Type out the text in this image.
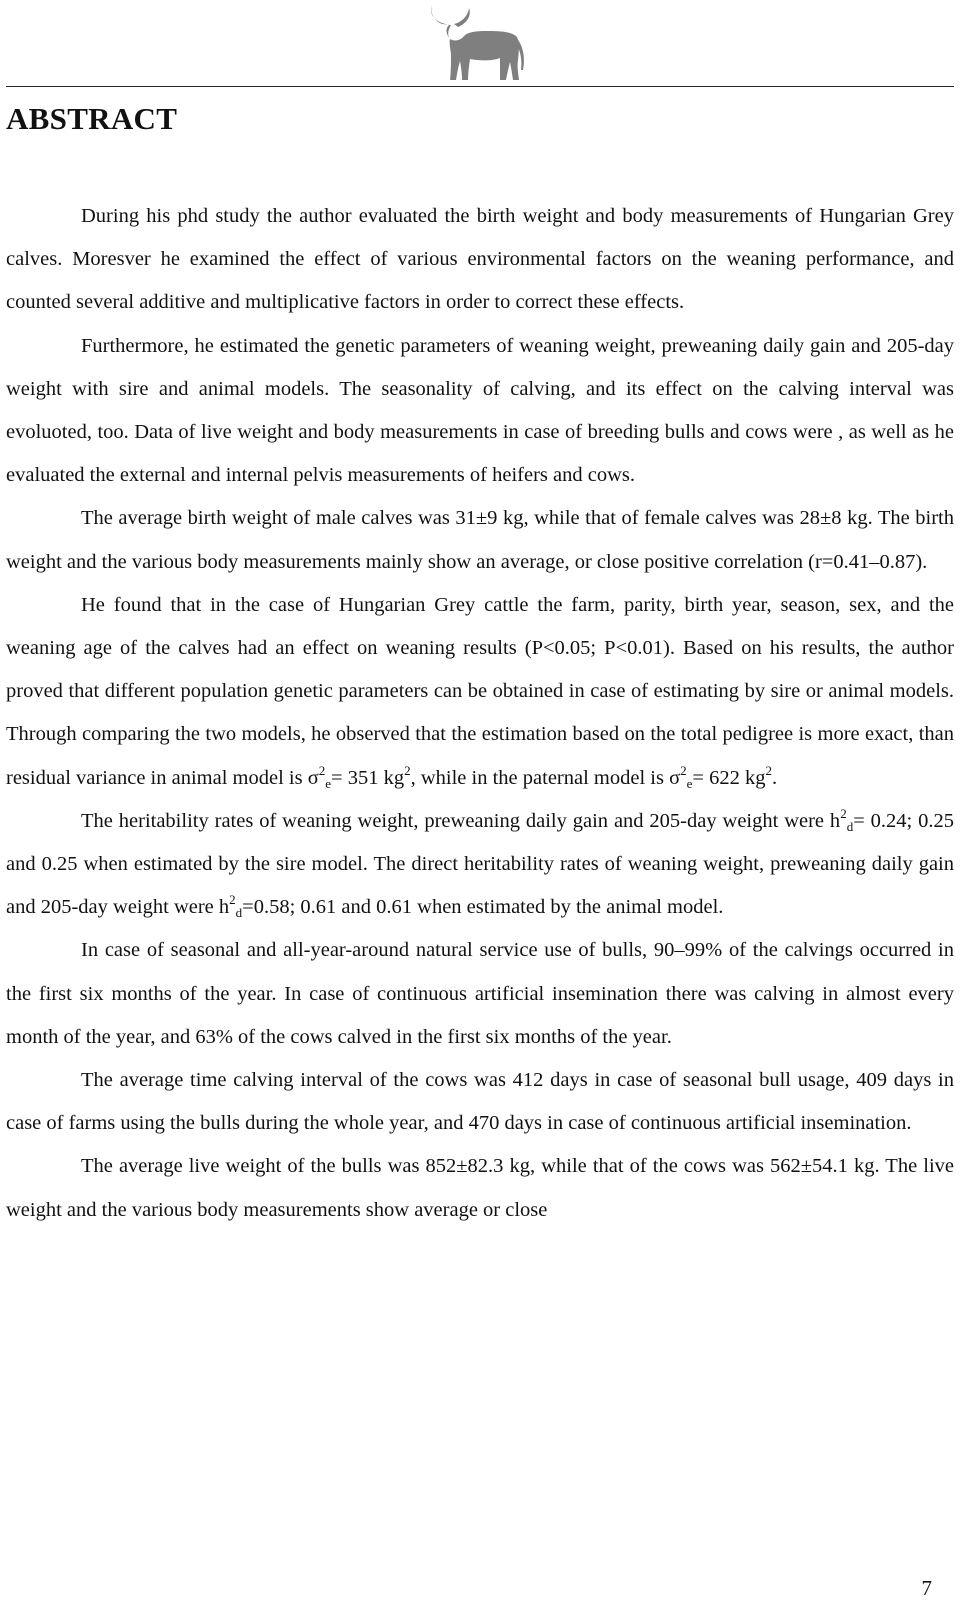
ABSTRACT

During his phd study the author evaluated the birth weight and body measurements of Hungarian Grey calves. Moresver he examined the effect of various environmental factors on the weaning performance, and counted several additive and multiplicative factors in order to correct these effects.

Furthermore, he estimated the genetic parameters of weaning weight, preweaning daily gain and 205-day weight with sire and animal models. The seasonality of calving, and its effect on the calving interval was evoluoted, too. Data of live weight and body measurements in case of breeding bulls and cows were , as well as he evaluated the external and internal pelvis measurements of heifers and cows.

The average birth weight of male calves was 31±9 kg, while that of female calves was 28±8 kg. The birth weight and the various body measurements mainly show an average, or close positive correlation (r=0.41–0.87).

He found that in the case of Hungarian Grey cattle the farm, parity, birth year, season, sex, and the weaning age of the calves had an effect on weaning results (P<0.05; P<0.01). Based on his results, the author proved that different population genetic parameters can be obtained in case of estimating by sire or animal models. Through comparing the two models, he observed that the estimation based on the total pedigree is more exact, than residual variance in animal model is $\sigma^2_e= 351$ $kg^2$, while in the paternal model is $\sigma^2_e= 622$ $kg^2$.

The heritability rates of weaning weight, preweaning daily gain and 205-day weight were $h^2_d= 0.24$; 0.25 and 0.25 when estimated by the sire model. The direct heritability rates of weaning weight, preweaning daily gain and 205-day weight were $h^2_d=0.58$; 0.61 and 0.61 when estimated by the animal model.

In case of seasonal and all-year-around natural service use of bulls, 90–99% of the calvings occurred in the first six months of the year. In case of continuous artificial insemination there was calving in almost every month of the year, and 63% of the cows calved in the first six months of the year.

The average time calving interval of the cows was 412 days in case of seasonal bull usage, 409 days in case of farms using the bulls during the whole year, and 470 days in case of continuous artificial insemination.

The average live weight of the bulls was 852±82.3 kg, while that of the cows was 562±54.1 kg. The live weight and the various body measurements show average or close

7
